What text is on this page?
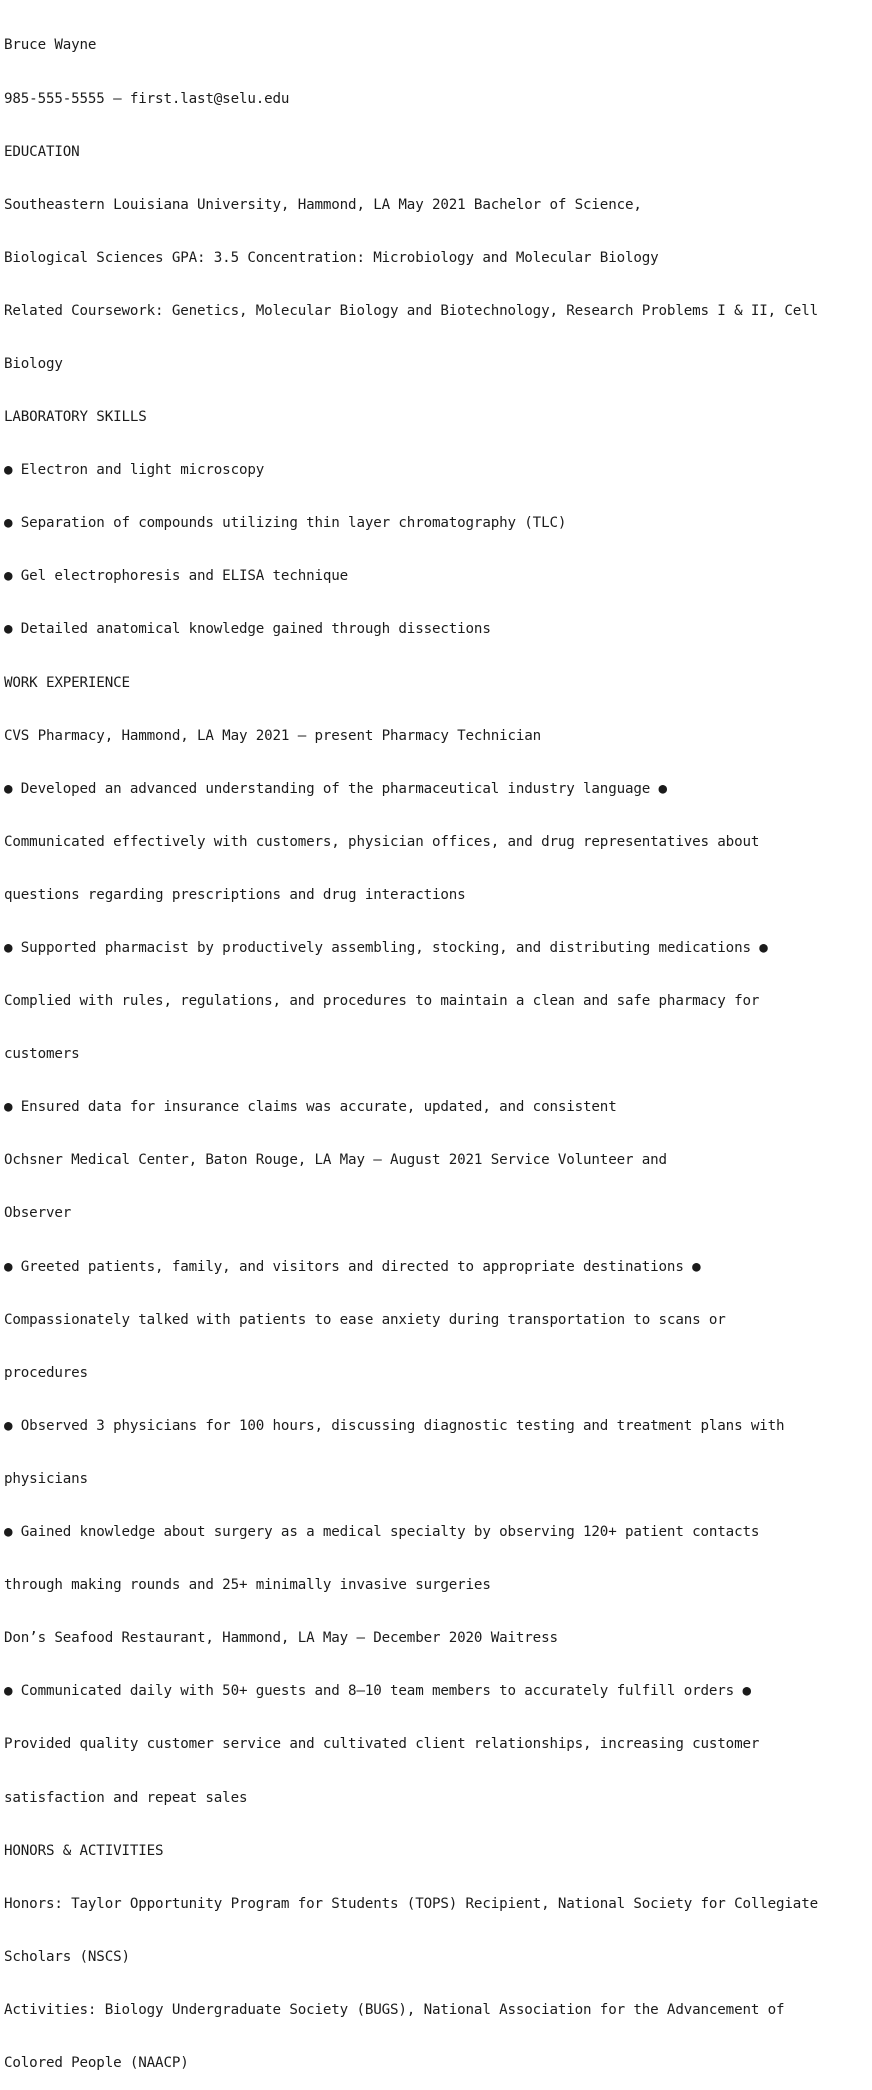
Bruce Wayne

985-555-5555 – first.last@selu.edu

EDUCATION

Southeastern Louisiana University, Hammond, LA May 2021 Bachelor of Science,

Biological Sciences GPA: 3.5 Concentration: Microbiology and Molecular Biology

Related Coursework: Genetics, Molecular Biology and Biotechnology, Research Problems I & II, Cell

Biology

LABORATORY SKILLS

● Electron and light microscopy

● Separation of compounds utilizing thin layer chromatography (TLC)

● Gel electrophoresis and ELISA technique

● Detailed anatomical knowledge gained through dissections

WORK EXPERIENCE

CVS Pharmacy, Hammond, LA May 2021 – present Pharmacy Technician

● Developed an advanced understanding of the pharmaceutical industry language ●

Communicated effectively with customers, physician offices, and drug representatives about

questions regarding prescriptions and drug interactions

● Supported pharmacist by productively assembling, stocking, and distributing medications ●

Complied with rules, regulations, and procedures to maintain a clean and safe pharmacy for

customers

● Ensured data for insurance claims was accurate, updated, and consistent

Ochsner Medical Center, Baton Rouge, LA May – August 2021 Service Volunteer and

Observer

● Greeted patients, family, and visitors and directed to appropriate destinations ●

Compassionately talked with patients to ease anxiety during transportation to scans or

procedures

● Observed 3 physicians for 100 hours, discussing diagnostic testing and treatment plans with

physicians

● Gained knowledge about surgery as a medical specialty by observing 120+ patient contacts

through making rounds and 25+ minimally invasive surgeries

Don’s Seafood Restaurant, Hammond, LA May – December 2020 Waitress

● Communicated daily with 50+ guests and 8–10 team members to accurately fulfill orders ●

Provided quality customer service and cultivated client relationships, increasing customer

satisfaction and repeat sales

HONORS & ACTIVITIES

Honors: Taylor Opportunity Program for Students (TOPS) Recipient, National Society for Collegiate

Scholars (NSCS)

Activities: Biology Undergraduate Society (BUGS), National Association for the Advancement of

Colored People (NAACP)
